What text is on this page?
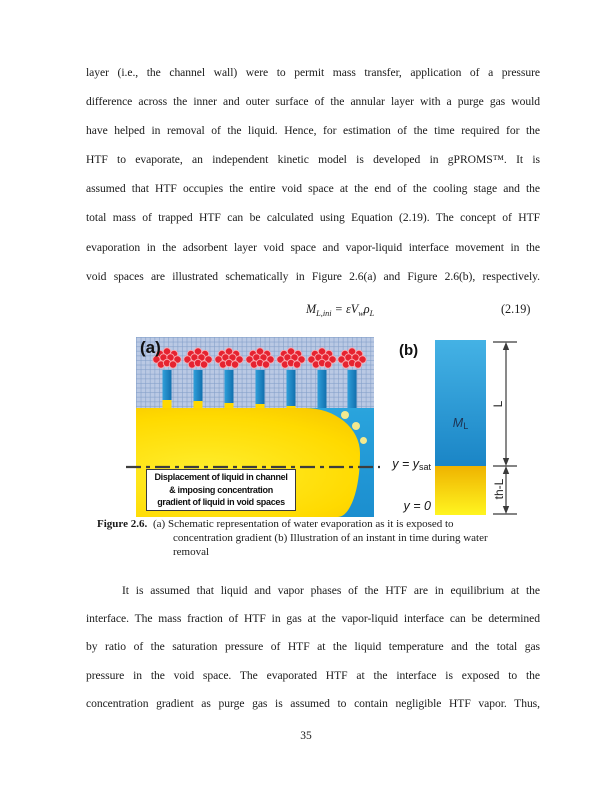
layer (i.e., the channel wall) were to permit mass transfer, application of a pressure
difference across the inner and outer surface of the annular layer with a purge gas would
have helped in removal of the liquid. Hence, for estimation of the time required for the
HTF to evaporate, an independent kinetic model is developed in gPROMS™. It is
assumed that HTF occupies the entire void space at the end of the cooling stage and the
total mass of trapped HTF can be calculated using Equation (2.19). The concept of HTF
evaporation in the adsorbent layer void space and vapor-liquid interface movement in the
void spaces are illustrated schematically in Figure 2.6(a) and Figure 2.6(b), respectively.
$M_{L,ini} = \varepsilon V_w\rho_L$	(2.19)
(a)
Displacement of liquid in channel
& imposing concentration
gradient of liquid in void spaces
(b)
$M_L$
$y = y_{sat}$
y = 0
L
th-L
Figure 2.6. (a) Schematic representation of water evaporation as it is exposed to
concentration gradient (b) Illustration of an instant in time during water
removal
It is assumed that liquid and vapor phases of the HTF are in equilibrium at the
interface. The mass fraction of HTF in gas at the vapor-liquid interface can be determined
by ratio of the saturation pressure of HTF at the liquid temperature and the total gas
pressure in the void space. The evaporated HTF at the interface is exposed to the
concentration gradient as purge gas is assumed to contain negligible HTF vapor. Thus,
35
